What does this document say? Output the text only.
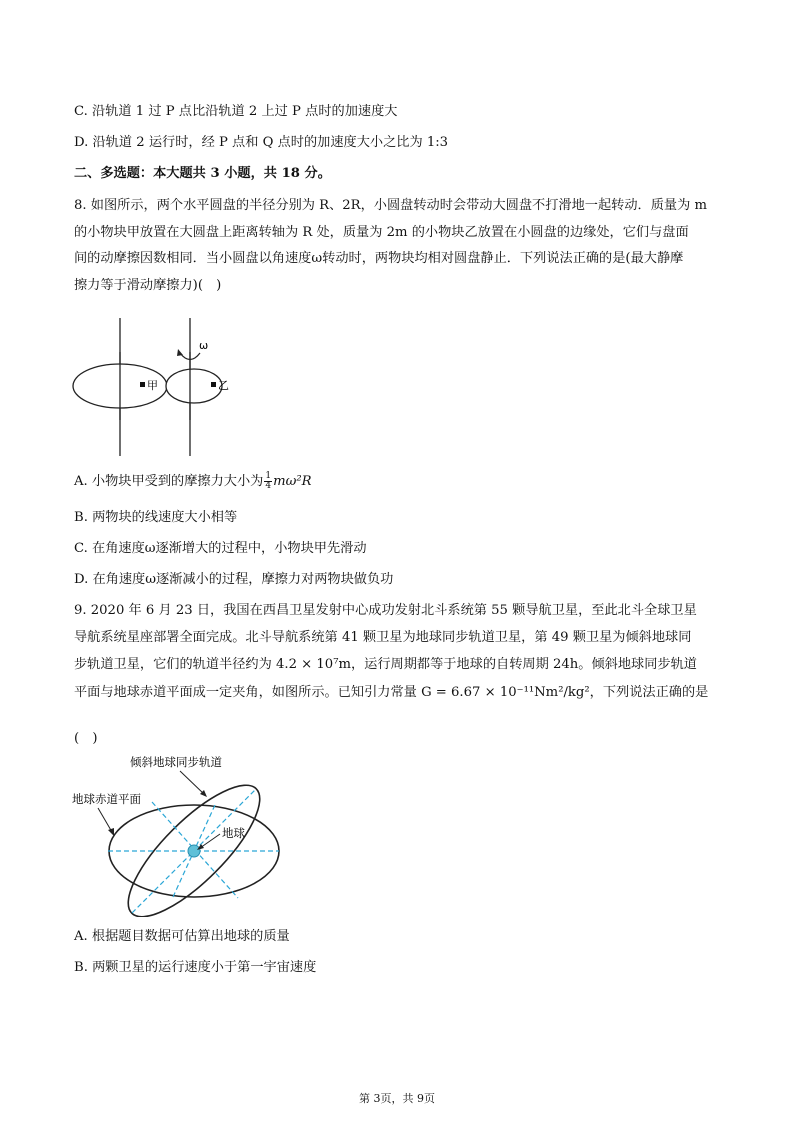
C. 沿轨道 1 过 P 点比沿轨道 2 上过 P 点时的加速度大
D. 沿轨道 2 运行时，经 P 点和 Q 点时的加速度大小之比为 1:3
二、多选题：本大题共 3 小题，共 18 分。
8. 如图所示，两个水平圆盘的半径分别为 R、2R，小圆盘转动时会带动大圆盘不打滑地一起转动．质量为 m
的小物块甲放置在大圆盘上距离转轴为 R 处，质量为 2m 的小物块乙放置在小圆盘的边缘处，它们与盘面
间的动摩擦因数相同．当小圆盘以角速度ω转动时，两物块均相对圆盘静止．下列说法正确的是(最大静摩
擦力等于滑动摩擦力)(　)
ω
甲	乙
A. 小物块甲受到的摩擦力大小为 $\frac{1}{4} m\omega^2R$
B. 两物块的线速度大小相等
C. 在角速度ω逐渐增大的过程中，小物块甲先滑动
D. 在角速度ω逐渐减小的过程，摩擦力对两物块做负功
9. 2020 年 6 月 23 日，我国在西昌卫星发射中心成功发射北斗系统第 55 颗导航卫星，至此北斗全球卫星
导航系统星座部署全面完成。北斗导航系统第 41 颗卫星为地球同步轨道卫星，第 49 颗卫星为倾斜地球同
步轨道卫星，它们的轨道半径约为 4.2 × 10⁷m，运行周期都等于地球的自转周期 24h。倾斜地球同步轨道
平面与地球赤道平面成一定夹角，如图所示。已知引力常量 G = 6.67 × 10⁻¹¹Nm²/kg²，下列说法正确的是
(　)
倾斜地球同步轨道
地球赤道平面
地球
A. 根据题目数据可估算出地球的质量
B. 两颗卫星的运行速度小于第一宇宙速度
第 3页，共 9页
